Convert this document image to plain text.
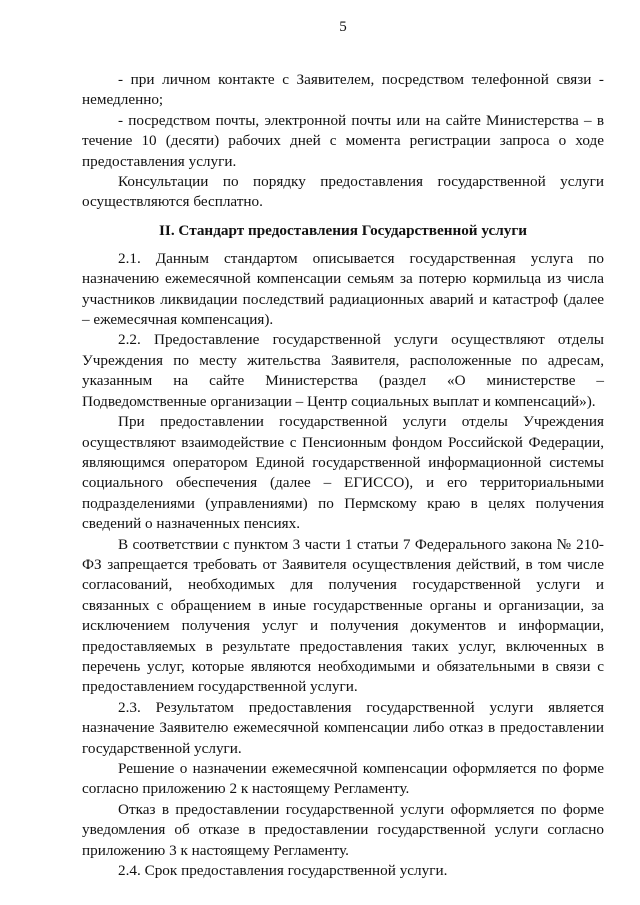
5

- при личном контакте с Заявителем, посредством телефонной связи - немедленно;

- посредством почты, электронной почты или на сайте Министерства – в течение 10 (десяти) рабочих дней с момента регистрации запроса о ходе предоставления услуги.

Консультации по порядку предоставления государственной услуги осуществляются бесплатно.

II. Стандарт предоставления Государственной услуги

2.1. Данным стандартом описывается государственная услуга по назначению ежемесячной компенсации семьям за потерю кормильца из числа участников ликвидации последствий радиационных аварий и катастроф (далее – ежемесячная компенсация).

2.2. Предоставление государственной услуги осуществляют отделы Учреждения по месту жительства Заявителя, расположенные по адресам, указанным на сайте Министерства (раздел «О министерстве – Подведомственные организации – Центр социальных выплат и компенсаций»).

При предоставлении государственной услуги отделы Учреждения осуществляют взаимодействие с Пенсионным фондом Российской Федерации, являющимся оператором Единой государственной информационной системы социального обеспечения (далее – ЕГИССО), и его территориальными подразделениями (управлениями) по Пермскому краю в целях получения сведений о назначенных пенсиях.

В соответствии с пунктом 3 части 1 статьи 7 Федерального закона № 210-ФЗ запрещается требовать от Заявителя осуществления действий, в том числе согласований, необходимых для получения государственной услуги и связанных с обращением в иные государственные органы и организации, за исключением получения услуг и получения документов и информации, предоставляемых в результате предоставления таких услуг, включенных в перечень услуг, которые являются необходимыми и обязательными в связи с предоставлением государственной услуги.

2.3. Результатом предоставления государственной услуги является назначение Заявителю ежемесячной компенсации либо отказ в предоставлении государственной услуги.

Решение о назначении ежемесячной компенсации оформляется по форме согласно приложению 2 к настоящему Регламенту.

Отказ в предоставлении государственной услуги оформляется по форме уведомления об отказе в предоставлении государственной услуги согласно приложению 3 к настоящему Регламенту.

2.4. Срок предоставления государственной услуги.
